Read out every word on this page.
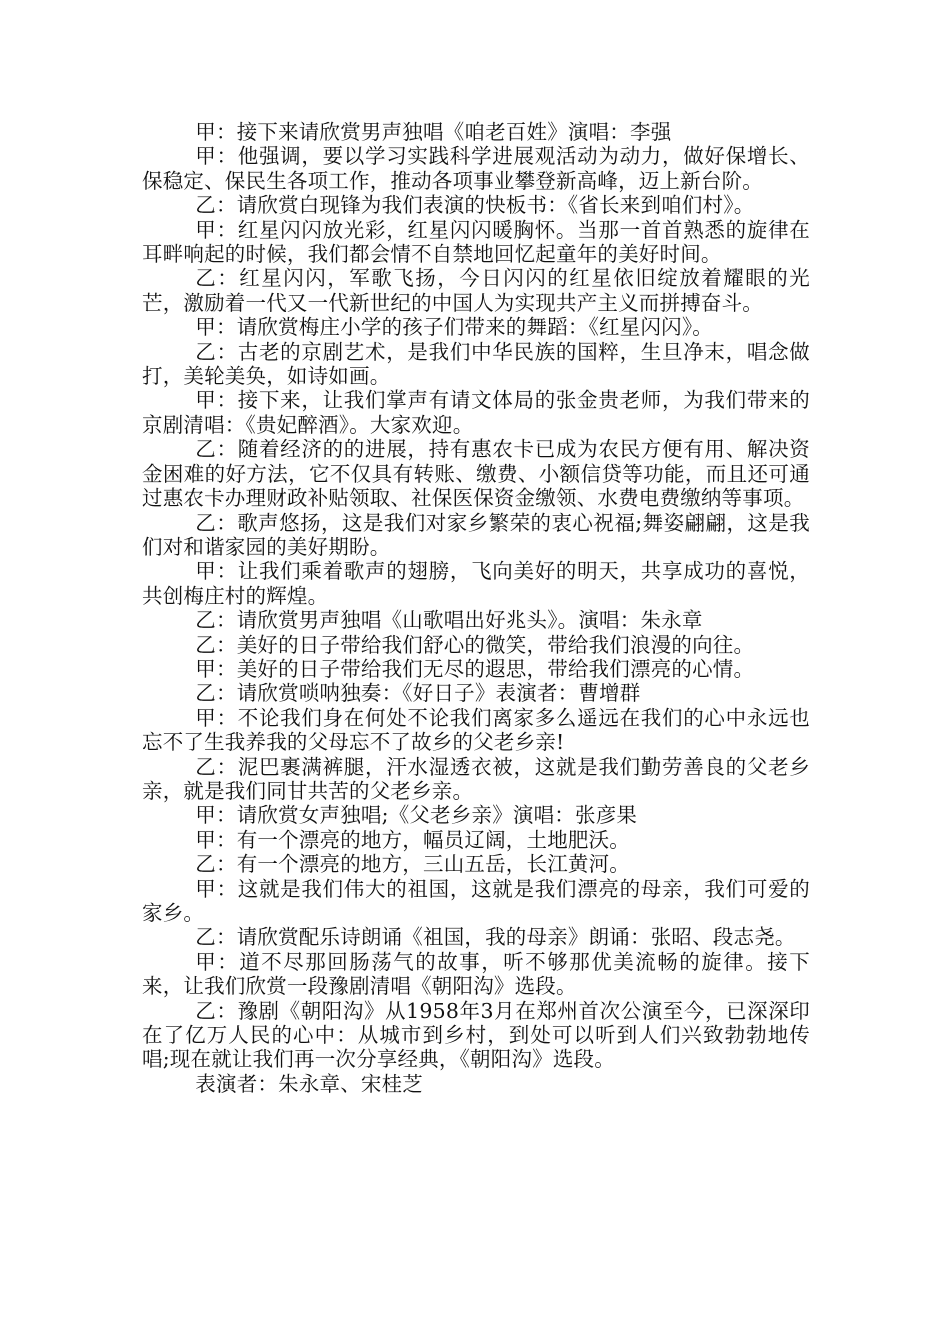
甲：接下来请欣赏男声独唱《咱老百姓》演唱：李强

甲：他强调，要以学习实践科学进展观活动为动力，做好保增长、保稳定、保民生各项工作，推动各项事业攀登新高峰，迈上新台阶。

乙：请欣赏白现锋为我们表演的快板书：《省长来到咱们村》。

甲：红星闪闪放光彩，红星闪闪暖胸怀。当那一首首熟悉的旋律在耳畔响起的时候，我们都会情不自禁地回忆起童年的美好时间。

乙：红星闪闪，军歌飞扬，今日闪闪的红星依旧绽放着耀眼的光芒，激励着一代又一代新世纪的中国人为实现共产主义而拼搏奋斗。

甲：请欣赏梅庄小学的孩子们带来的舞蹈：《红星闪闪》。

乙：古老的京剧艺术，是我们中华民族的国粹，生旦净末，唱念做打，美轮美奂，如诗如画。

甲：接下来，让我们掌声有请文体局的张金贵老师，为我们带来的京剧清唱：《贵妃醉酒》。大家欢迎。

乙：随着经济的的进展，持有惠农卡已成为农民方便有用、解决资金困难的好方法，它不仅具有转账、缴费、小额信贷等功能，而且还可通过惠农卡办理财政补贴领取、社保医保资金缴领、水费电费缴纳等事项。

乙：歌声悠扬，这是我们对家乡繁荣的衷心祝福;舞姿翩翩，这是我们对和谐家园的美好期盼。

甲：让我们乘着歌声的翅膀，飞向美好的明天，共享成功的喜悦，共创梅庄村的辉煌。

乙：请欣赏男声独唱《山歌唱出好兆头》。演唱：朱永章

乙：美好的日子带给我们舒心的微笑，带给我们浪漫的向往。

甲：美好的日子带给我们无尽的遐思，带给我们漂亮的心情。

乙：请欣赏唢呐独奏：《好日子》表演者：曹增群

甲：不论我们身在何处不论我们离家多么遥远在我们的心中永远也忘不了生我养我的父母忘不了故乡的父老乡亲!

乙：泥巴裹满裤腿，汗水湿透衣被，这就是我们勤劳善良的父老乡亲，就是我们同甘共苦的父老乡亲。

甲：请欣赏女声独唱;《父老乡亲》演唱：张彦果

甲：有一个漂亮的地方，幅员辽阔，土地肥沃。

乙：有一个漂亮的地方，三山五岳，长江黄河。

甲：这就是我们伟大的祖国，这就是我们漂亮的母亲，我们可爱的家乡。

乙：请欣赏配乐诗朗诵《祖国，我的母亲》朗诵：张昭、段志尧。

甲：道不尽那回肠荡气的故事，听不够那优美流畅的旋律。接下来，让我们欣赏一段豫剧清唱《朝阳沟》选段。

乙：豫剧《朝阳沟》从1958年3月在郑州首次公演至今，已深深印在了亿万人民的心中：从城市到乡村，到处可以听到人们兴致勃勃地传唱;现在就让我们再一次分享经典，《朝阳沟》选段。

表演者：朱永章、宋桂芝
